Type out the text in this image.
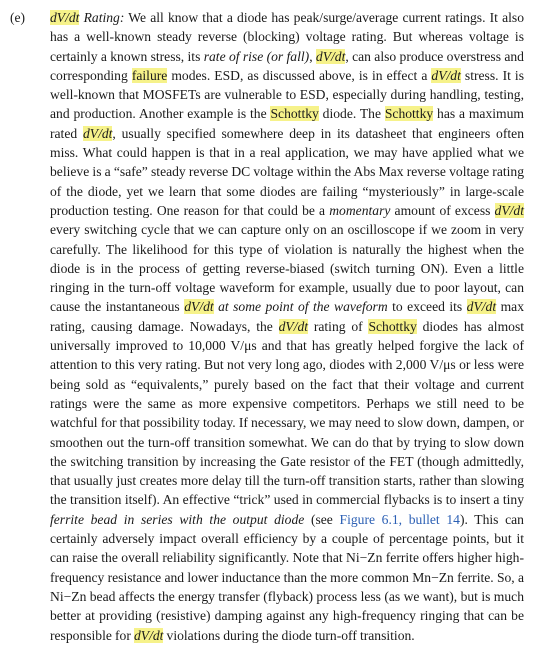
(e)	dV/dt Rating: We all know that a diode has peak/surge/average current ratings. It also has a well-known steady reverse (blocking) voltage rating. But whereas voltage is certainly a known stress, its rate of rise (or fall), dV/dt, can also produce overstress and corresponding failure modes. ESD, as discussed above, is in effect a dV/dt stress. It is well-known that MOSFETs are vulnerable to ESD, especially during handling, testing, and production. Another example is the Schottky diode. The Schottky has a maximum rated dV/dt, usually specified somewhere deep in its datasheet that engineers often miss. What could happen is that in a real application, we may have applied what we believe is a “safe” steady reverse DC voltage within the Abs Max reverse voltage rating of the diode, yet we learn that some diodes are failing “mysteriously” in large-scale production testing. One reason for that could be a momentary amount of excess dV/dt every switching cycle that we can capture only on an oscilloscope if we zoom in very carefully. The likelihood for this type of violation is naturally the highest when the diode is in the process of getting reverse-biased (switch turning ON). Even a little ringing in the turn-off voltage waveform for example, usually due to poor layout, can cause the instantaneous dV/dt at some point of the waveform to exceed its dV/dt max rating, causing damage. Nowadays, the dV/dt rating of Schottky diodes has almost universally improved to 10,000 V/μs and that has greatly helped forgive the lack of attention to this very rating. But not very long ago, diodes with 2,000 V/μs or less were being sold as “equivalents,” purely based on the fact that their voltage and current ratings were the same as more expensive competitors. Perhaps we still need to be watchful for that possibility today. If necessary, we may need to slow down, dampen, or smoothen out the turn-off transition somewhat. We can do that by trying to slow down the switching transition by increasing the Gate resistor of the FET (though admittedly, that usually just creates more delay till the turn-off transition starts, rather than slowing the transition itself). An effective “trick” used in commercial flybacks is to insert a tiny ferrite bead in series with the output diode (see Figure 6.1, bullet 14). This can certainly adversely impact overall efficiency by a couple of percentage points, but it can raise the overall reliability significantly. Note that Ni−Zn ferrite offers higher high-frequency resistance and lower inductance than the more common Mn−Zn ferrite. So, a Ni−Zn bead affects the energy transfer (flyback) process less (as we want), but is much better at providing (resistive) damping against any high-frequency ringing that can be responsible for dV/dt violations during the diode turn-off transition.
